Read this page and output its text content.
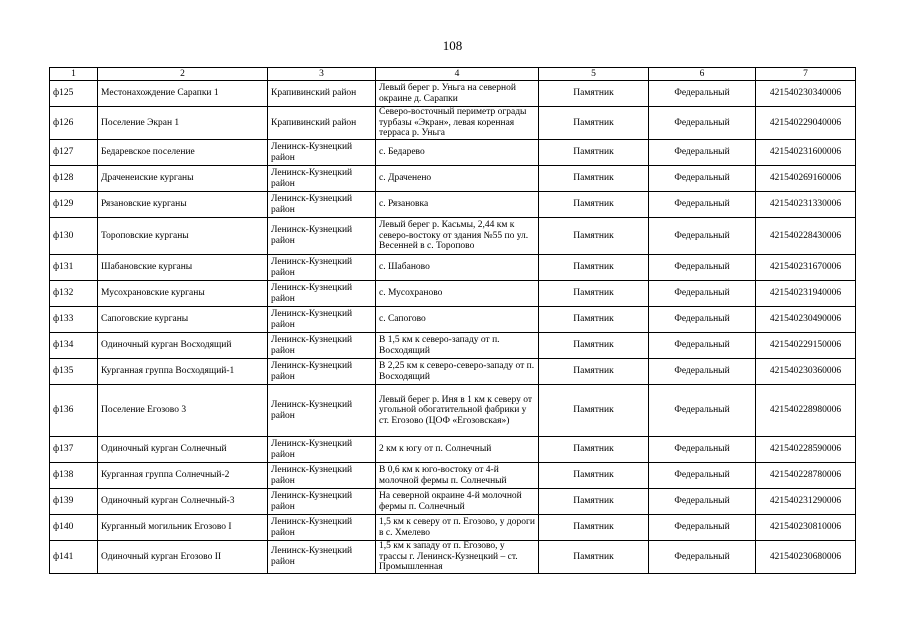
108
1	2	3	4	5	6	7
ф125	Местонахождение Сарапки 1	Крапивинский район	Левый берег р. Уньга на северной окраине д. Сарапки	Памятник	Федеральный	421540230340006
ф126	Поселение Экран 1	Крапивинский район	Северо-восточный периметр ограды турбазы «Экран», левая коренная терраса р. Уньга	Памятник	Федеральный	421540229040006
ф127	Бедаревское поселение	Ленинск-Кузнецкий район	с. Бедарево	Памятник	Федеральный	421540231600006
ф128	Драченеиские курганы	Ленинск-Кузнецкий район	с. Драченено	Памятник	Федеральный	421540269160006
ф129	Рязановские курганы	Ленинск-Кузнецкий район	с. Рязановка	Памятник	Федеральный	421540231330006
ф130	Тороповские курганы	Ленинск-Кузнецкий район	Левый берег р. Касьмы, 2,44 км к северо-востоку от здания №55 по ул. Весенней в с. Торопово	Памятник	Федеральный	421540228430006
ф131	Шабановские курганы	Ленинск-Кузнецкий район	с. Шабаново	Памятник	Федеральный	421540231670006
ф132	Мусохрановские курганы	Ленинск-Кузнецкий район	с. Мусохраново	Памятник	Федеральный	421540231940006
ф133	Сапоговские курганы	Ленинск-Кузнецкий район	с. Сапогово	Памятник	Федеральный	421540230490006
ф134	Одиночный курган Восходящий	Ленинск-Кузнецкий район	В 1,5 км к северо-западу от п. Восходящий	Памятник	Федеральный	421540229150006
ф135	Курганная группа Восходящий-1	Ленинск-Кузнецкий район	В 2,25 км к северо-северо-западу от п. Восходящий	Памятник	Федеральный	421540230360006
ф136	Поселение Егозово 3	Ленинск-Кузнецкий район	Левый берег р. Иня в 1 км к северу от угольной обогатительной фабрики у ст. Егозово (ЦОФ «Егозовская»)	Памятник	Федеральный	421540228980006
ф137	Одиночный курган Солнечный	Ленинск-Кузнецкий район	2 км к югу от п. Солнечный	Памятник	Федеральный	421540228590006
ф138	Курганная группа Солнечный-2	Ленинск-Кузнецкий район	В 0,6 км к юго-востоку от 4-й молочной фермы п. Солнечный	Памятник	Федеральный	421540228780006
ф139	Одиночный курган Солнечный-3	Ленинск-Кузнецкий район	На северной окраине 4-й молочной фермы п. Солнечный	Памятник	Федеральный	421540231290006
ф140	Курганный могильник Егозово I	Ленинск-Кузнецкий район	1,5 км к северу от п. Егозово, у дороги в с. Хмелево	Памятник	Федеральный	421540230810006
ф141	Одиночный курган Егозово II	Ленинск-Кузнецкий район	1,5 км к западу от п. Егозово, у трассы г. Ленинск-Кузнецкий – ст. Промышленная	Памятник	Федеральный	421540230680006
